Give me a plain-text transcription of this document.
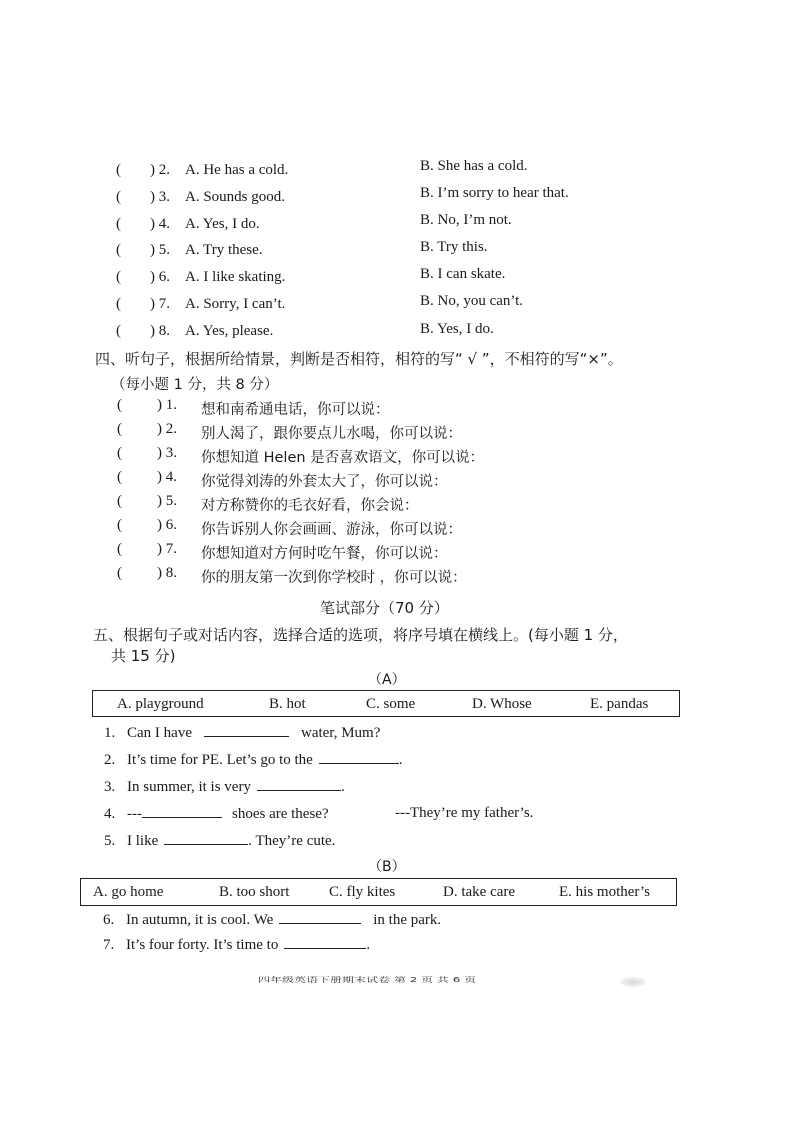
( ) 2. A. He has a cold.	B. She has a cold.
( ) 3. A. Sounds good.	B. I’m sorry to hear that.
( ) 4. A. Yes, I do.	B. No, I’m not.
( ) 5. A. Try these.	B. Try this.
( ) 6. A. I like skating.	B. I can skate.
( ) 7. A. Sorry, I can’t.	B. No, you can’t.
( ) 8. A. Yes, please.	B. Yes, I do.
四、听句子，根据所给情景，判断是否相符，相符的写“ √ ”，不相符的写“×”。
（每小题 1 分，共 8 分）
( ) 1. 想和南希通电话，你可以说：
( ) 2. 别人渴了，跟你要点儿水喝，你可以说：
( ) 3. 你想知道 Helen 是否喜欢语文，你可以说：
( ) 4. 你觉得刘涛的外套太大了，你可以说：
( ) 5. 对方称赞你的毛衣好看，你会说：
( ) 6. 你告诉别人你会画画、游泳，你可以说：
( ) 7. 你想知道对方何时吃午餐，你可以说：
( ) 8. 你的朋友第一次到你学校时 ，你可以说：
笔试部分（70 分）
五、根据句子或对话内容，选择合适的选项，将序号填在横线上。(每小题 1 分，
共 15 分)
（A）
A. playground	B. hot	C. some	D. Whose	E. pandas
1. Can I have	water, Mum?
2. It’s time for PE. Let’s go to the	.
3. In summer, it is very	.
4. ---	shoes are these?	---They’re my father’s.
5. I like	. They’re cute.
（B）
A. go home	B. too short	C. fly kites	D. take care	E. his mother’s
6. In autumn, it is cool. We	in the park.
7. It’s four forty. It’s time to	.
四年级英语下册期末试卷 第 2 页 共 6 页
